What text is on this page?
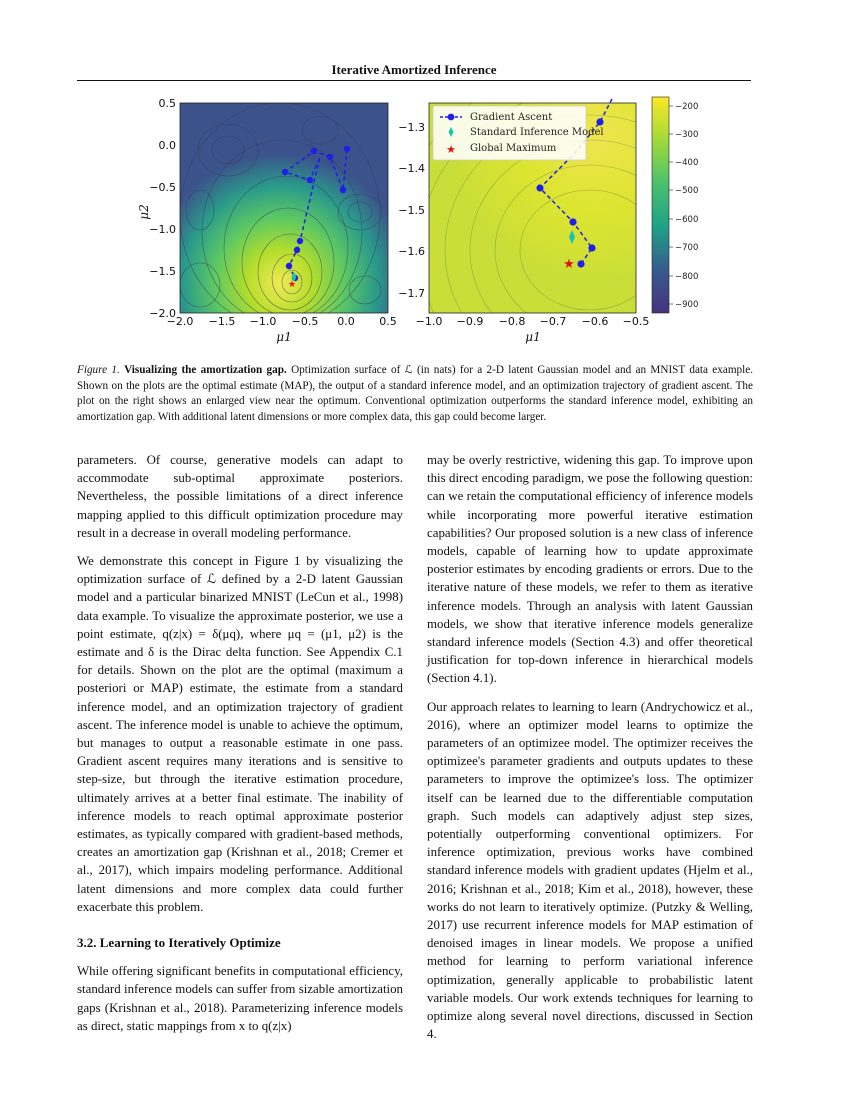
Iterative Amortized Inference
★
0.5
0.0
−0.5
−1.0
−1.5
−2.0
−2.0 −1.5 −1.0 −0.5 0.0 0.5
μ1
μ2
★
Gradient Ascent
Standard Inference Model
★ Global Maximum
−1.3
−1.4
−1.5
−1.6
−1.7
−1.0 −0.9 −0.8 −0.7 −0.6 −0.5
μ1
−200
−300
−400
−500
−600
−700
−800
−900
Figure 1. Visualizing the amortization gap. Optimization surface of ℒ (in nats) for a 2-D latent Gaussian model and an MNIST data example. Shown on the plots are the optimal estimate (MAP), the output of a standard inference model, and an optimization trajectory of gradient ascent. The plot on the right shows an enlarged view near the optimum. Conventional optimization outperforms the standard inference model, exhibiting an amortization gap. With additional latent dimensions or more complex data, this gap could become larger.

parameters. Of course, generative models can adapt to accommodate sub-optimal approximate posteriors. Nevertheless, the possible limitations of a direct inference mapping applied to this difficult optimization procedure may result in a decrease in overall modeling performance.

We demonstrate this concept in Figure 1 by visualizing the optimization surface of ℒ defined by a 2-D latent Gaussian model and a particular binarized MNIST (LeCun et al., 1998) data example. To visualize the approximate posterior, we use a point estimate, q(z|x) = δ(μq), where μq = (μ1, μ2) is the estimate and δ is the Dirac delta function. See Appendix C.1 for details. Shown on the plot are the optimal (maximum a posteriori or MAP) estimate, the estimate from a standard inference model, and an optimization trajectory of gradient ascent. The inference model is unable to achieve the optimum, but manages to output a reasonable estimate in one pass. Gradient ascent requires many iterations and is sensitive to step-size, but through the iterative estimation procedure, ultimately arrives at a better final estimate. The inability of inference models to reach optimal approximate posterior estimates, as typically compared with gradient-based methods, creates an amortization gap (Krishnan et al., 2018; Cremer et al., 2017), which impairs modeling performance. Additional latent dimensions and more complex data could further exacerbate this problem.

3.2. Learning to Iteratively Optimize

While offering significant benefits in computational efficiency, standard inference models can suffer from sizable amortization gaps (Krishnan et al., 2018). Parameterizing inference models as direct, static mappings from x to q(z|x)

may be overly restrictive, widening this gap. To improve upon this direct encoding paradigm, we pose the following question: can we retain the computational efficiency of inference models while incorporating more powerful iterative estimation capabilities? Our proposed solution is a new class of inference models, capable of learning how to update approximate posterior estimates by encoding gradients or errors. Due to the iterative nature of these models, we refer to them as iterative inference models. Through an analysis with latent Gaussian models, we show that iterative inference models generalize standard inference models (Section 4.3) and offer theoretical justification for top-down inference in hierarchical models (Section 4.1).

Our approach relates to learning to learn (Andrychowicz et al., 2016), where an optimizer model learns to optimize the parameters of an optimizee model. The optimizer receives the optimizee's parameter gradients and outputs updates to these parameters to improve the optimizee's loss. The optimizer itself can be learned due to the differentiable computation graph. Such models can adaptively adjust step sizes, potentially outperforming conventional optimizers. For inference optimization, previous works have combined standard inference models with gradient updates (Hjelm et al., 2016; Krishnan et al., 2018; Kim et al., 2018), however, these works do not learn to iteratively optimize. (Putzky & Welling, 2017) use recurrent inference models for MAP estimation of denoised images in linear models. We propose a unified method for learning to perform variational inference optimization, generally applicable to probabilistic latent variable models. Our work extends techniques for learning to optimize along several novel directions, discussed in Section 4.
